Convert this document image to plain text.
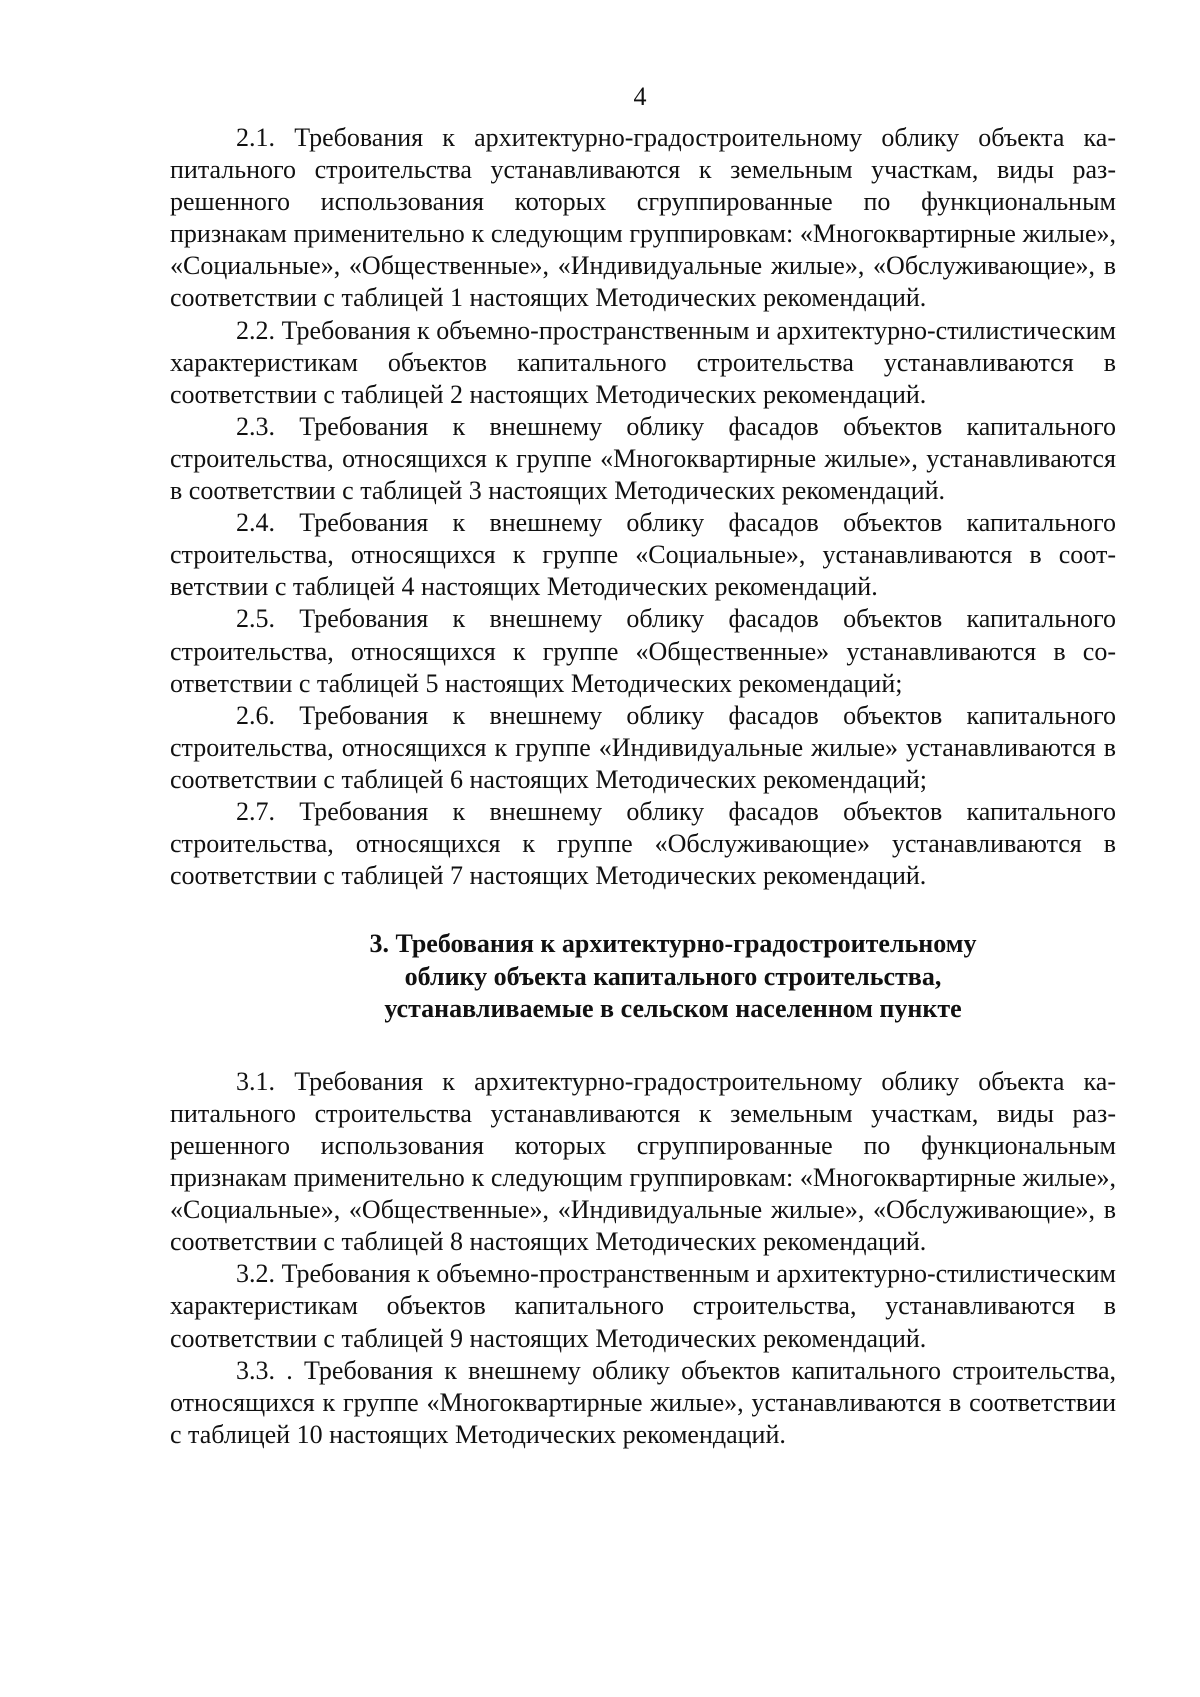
4

2.1. Требования к архитектурно-градостроительному облику объекта капитального строительства устанавливаются к земельным участкам, виды разрешенного использования которых сгруппированные по функциональным признакам применительно к следующим группировкам: «Многоквартирные жилые», «Социальные», «Общественные», «Индивидуальные жилые», «Обслуживающие», в соответствии с таблицей 1 настоящих Методических рекомендаций.

2.2. Требования к объемно-пространственным и архитектурно-стилистическим характеристикам объектов капитального строительства устанавливаются в соответствии с таблицей 2 настоящих Методических рекомендаций.

2.3. Требования к внешнему облику фасадов объектов капитального строительства, относящихся к группе «Многоквартирные жилые», устанавливаются в соответствии с таблицей 3 настоящих Методических рекомендаций.

2.4. Требования к внешнему облику фасадов объектов капитального строительства, относящихся к группе «Социальные», устанавливаются в соответствии с таблицей 4 настоящих Методических рекомендаций.

2.5. Требования к внешнему облику фасадов объектов капитального строительства, относящихся к группе «Общественные» устанавливаются в соответствии с таблицей 5 настоящих Методических рекомендаций;

2.6. Требования к внешнему облику фасадов объектов капитального строительства, относящихся к группе «Индивидуальные жилые» устанавливаются в соответствии с таблицей 6 настоящих Методических рекомендаций;

2.7. Требования к внешнему облику фасадов объектов капитального строительства, относящихся к группе «Обслуживающие» устанавливаются в соответствии с таблицей 7 настоящих Методических рекомендаций.

3. Требования к архитектурно-градостроительному
облику объекта капитального строительства,
устанавливаемые в сельском населенном пункте

3.1. Требования к архитектурно-градостроительному облику объекта капитального строительства устанавливаются к земельным участкам, виды разрешенного использования которых сгруппированные по функциональным признакам применительно к следующим группировкам: «Многоквартирные жилые», «Социальные», «Общественные», «Индивидуальные жилые», «Обслуживающие», в соответствии с таблицей 8 настоящих Методических рекомендаций.

3.2. Требования к объемно-пространственным и архитектурно-стилистическим характеристикам объектов капитального строительства, устанавливаются в соответствии с таблицей 9 настоящих Методических рекомендаций.

3.3. . Требования к внешнему облику объектов капитального строительства, относящихся к группе «Многоквартирные жилые», устанавливаются в соответствии с таблицей 10 настоящих Методических рекомендаций.
